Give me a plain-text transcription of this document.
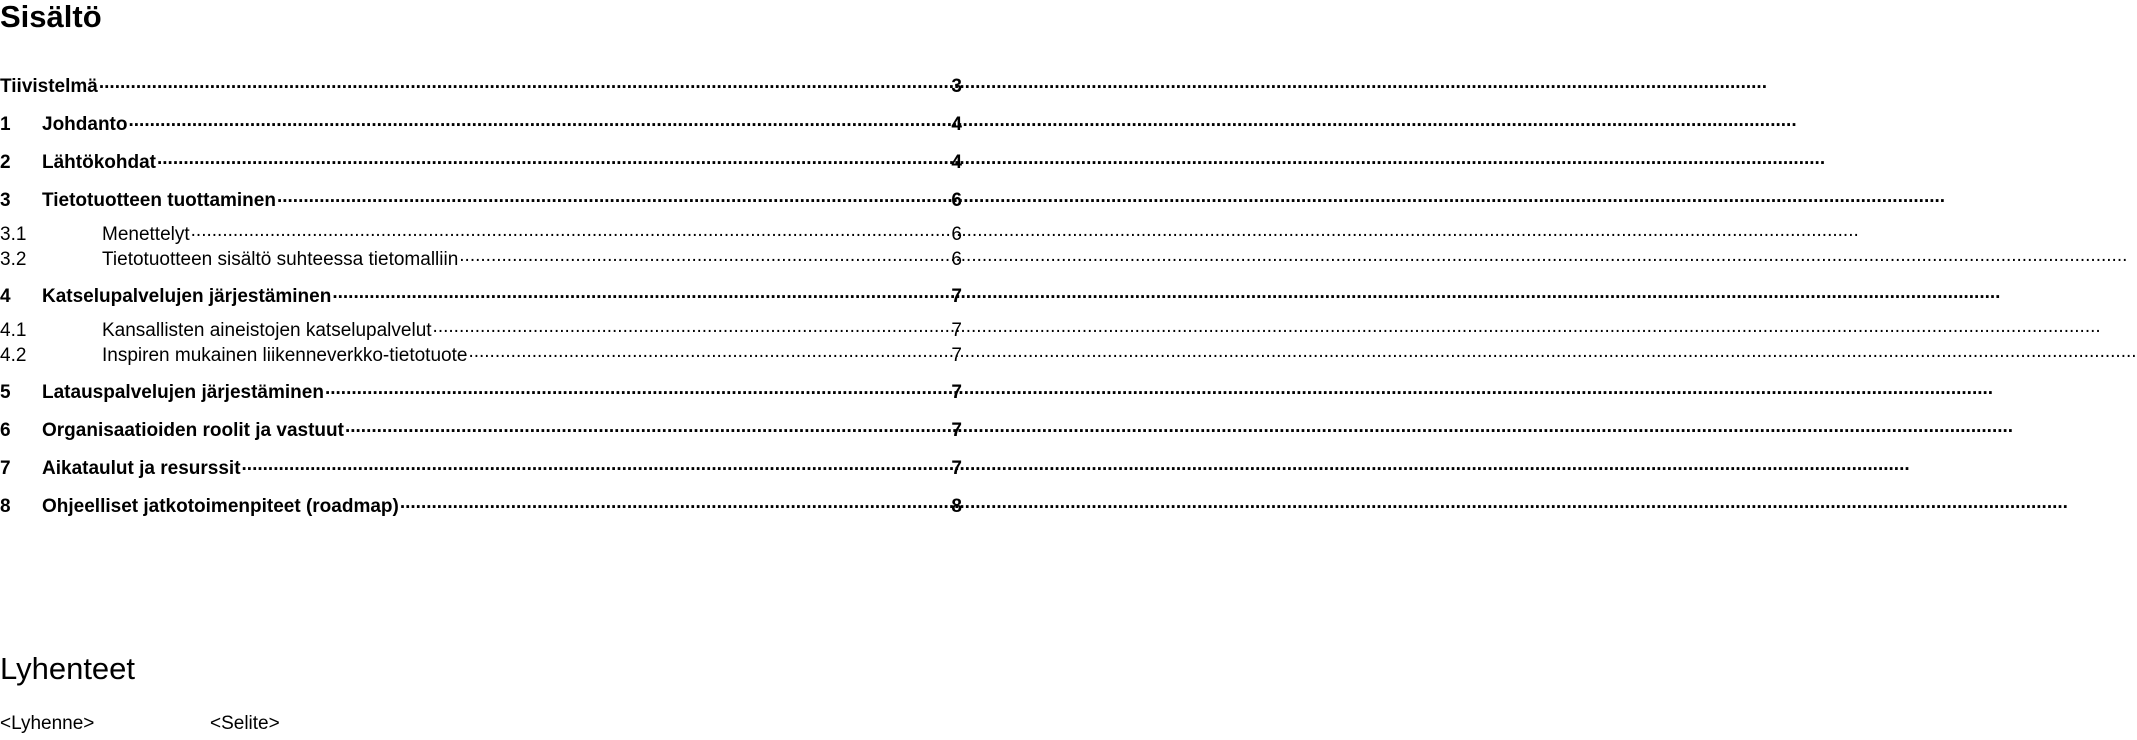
Sisältö
Tiivistelmä .....	3
1	Johdanto .....	4
2	Lähtökohdat .....	4
3	Tietotuotteen tuottaminen .....	6
3.1	Menettelyt .....	6
3.2	Tietotuotteen sisältö suhteessa tietomalliin .....	6
4	Katselupalvelujen järjestäminen .....	7
4.1	Kansallisten aineistojen katselupalvelut .....	7
4.2	Inspiren mukainen liikenneverkko-tietotuote .....	7
5	Latauspalvelujen järjestäminen .....	7
6	Organisaatioiden roolit ja vastuut .....	7
7	Aikataulut ja resurssit .....	7
8	Ohjeelliset jatkotoimenpiteet (roadmap) .....	8
Lyhenteet
<Lyhenne>	<Selite>
